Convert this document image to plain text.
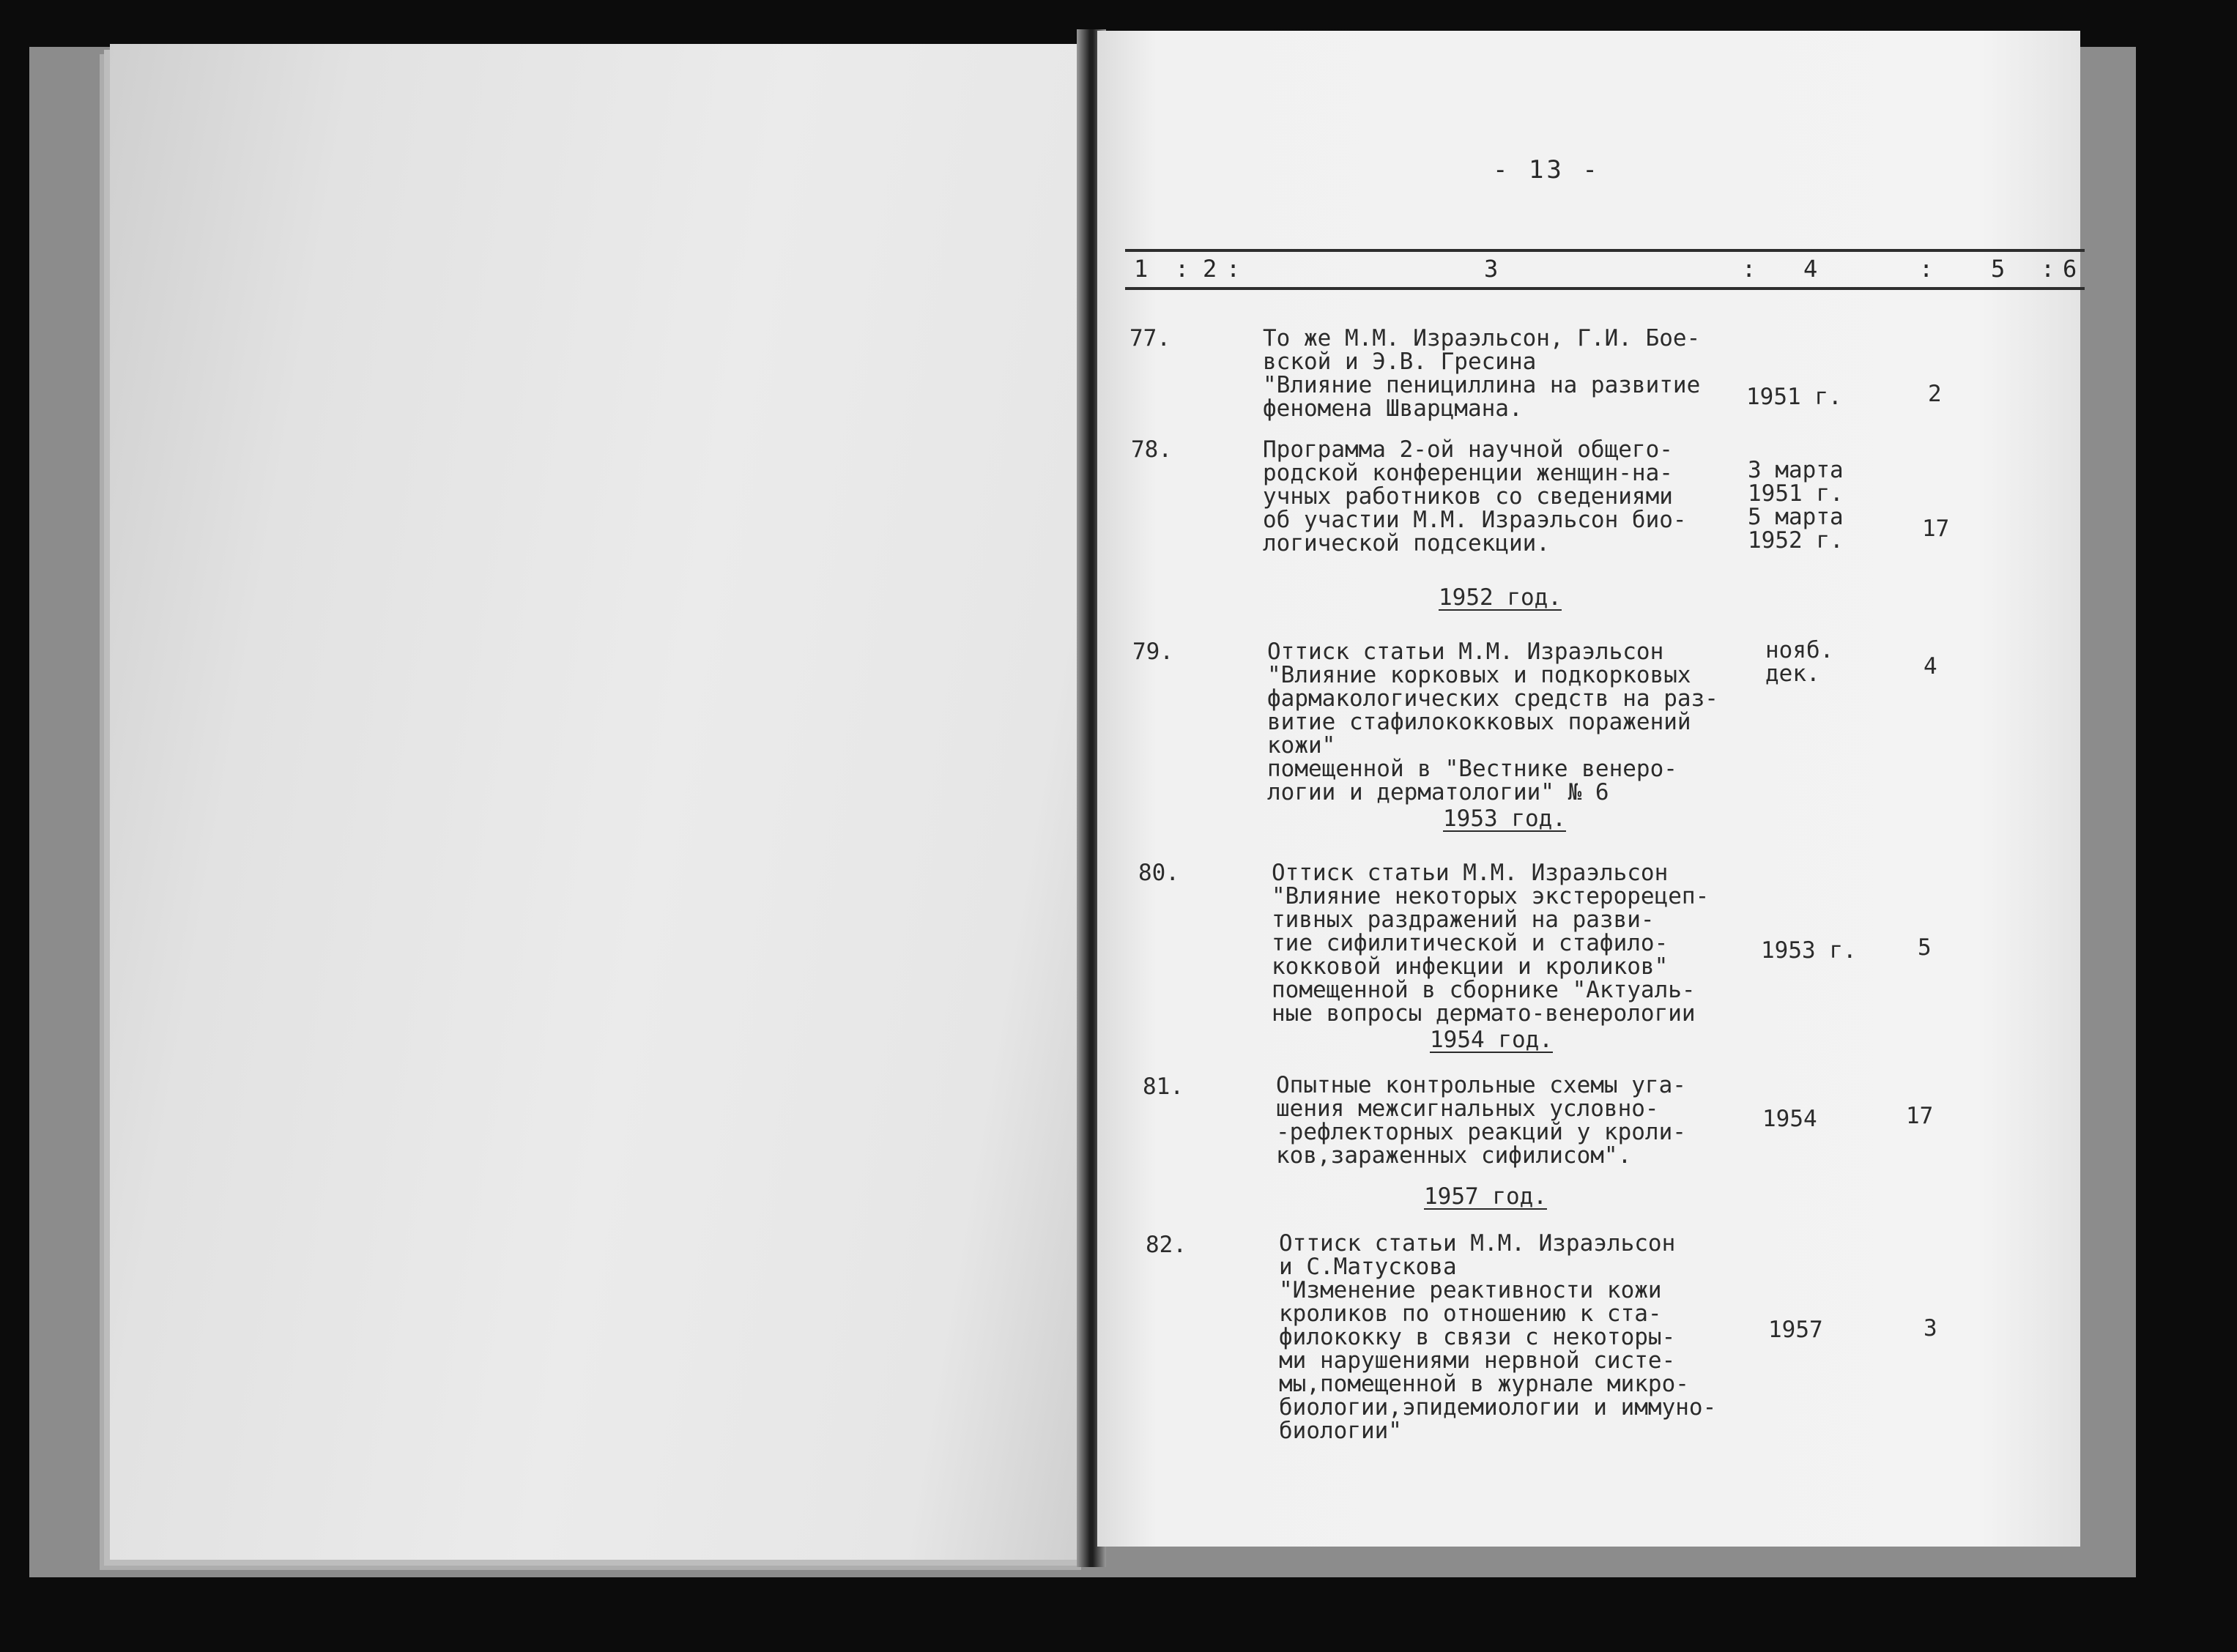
- 13 -
1 : 2 :	3	: 4	: 5 : 6
77.	То же М.М. Израэльсон, Г.И. Бое-
вской и Э.В. Гресина
"Влияние пенициллина на развитие
феномена Шварцмана.	1951 г.	2
78.	Программа 2-ой научной общего-
родской конференции женщин-на-
учных работников со сведениями
об участии М.М. Израэльсон био-
логической подсекции.
3 марта
1951 г.
5 марта
1952 г.	17
1952 год.
79.	Оттиск статьи М.М. Израэльсон
"Влияние корковых и подкорковых
фармакологических средств на раз-
витие стафилококковых поражений
кожи"
помещенной в "Вестнике венеро-
логии и дерматологии" № 6
нояб.
дек.	4
1953 год.
80.	Оттиск статьи М.М. Израэльсон
"Влияние некоторых экстерорецеп-
тивных раздражений на разви-
тие сифилитической и стафило-
кокковой инфекции и кроликов"
помещенной в сборнике "Актуаль-
ные вопросы дермато-венерологии
1953 г.	5
1954 год.
81.	Опытные контрольные схемы уга-
шения межсигнальных условно-
-рефлекторных реакций у кроли-
ков,зараженных сифилисом".
1954	17
1957 год.
82.	Оттиск статьи М.М. Израэльсон
и С.Матускова
"Изменение реактивности кожи
кроликов по отношению к ста-
филококку в связи с некоторы-
ми нарушениями нервной систе-
мы,помещенной в журнале микро-
биологии,эпидемиологии и иммуно-
биологии"
1957	3
